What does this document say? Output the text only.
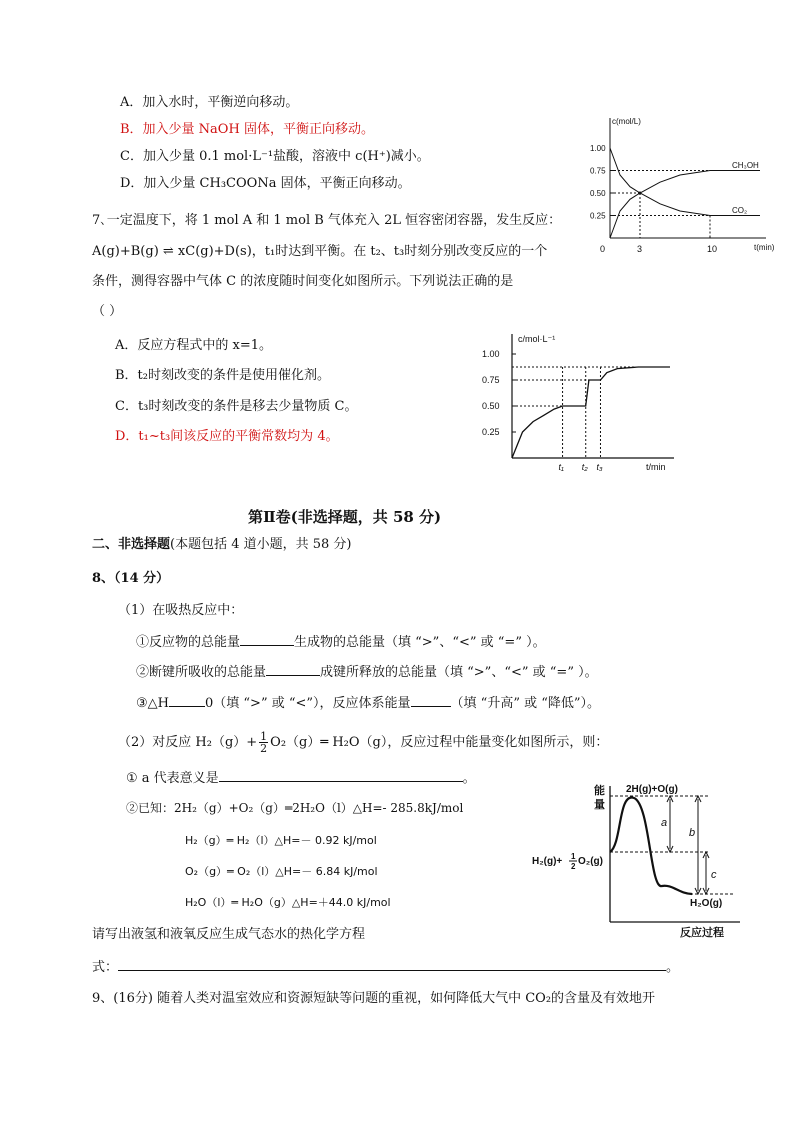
A．加入水时，平衡逆向移动。
B．加入少量 NaOH 固体，平衡正向移动。
C．加入少量 0.1 mol·L⁻¹盐酸，溶液中 c(H⁺)减小。
D．加入少量 CH₃COONa 固体，平衡正向移动。
c(mol/L)
t(min)
1.00
0.75
0.50
0.25
0	3	10
CH₃OH
CO₂
7､一定温度下，将 1 mol A 和 1 mol B 气体充入 2L 恒容密闭容器，发生反应：
A(g)+B(g) ⇌ xC(g)+D(s)，t₁时达到平衡。在 t₂、t₃时刻分别改变反应的一个
条件，测得容器中气体 C 的浓度随时间变化如图所示。下列说法正确的是
（ ）
A．反应方程式中的 x=1。
B．t₂时刻改变的条件是使用催化剂。
C．t₃时刻改变的条件是移去少量物质 C。
D．t₁~t₃间该反应的平衡常数均为 4。
c/mol·L⁻¹
t/min
1.00
0.75
0.50
0.25
t₁ t₂ t₃
第Ⅱ卷(非选择题，共 58 分)
二、非选择题(本题包括 4 道小题，共 58 分)
8、（14 分）
（1）在吸热反应中：
①反应物的总能量	生成物的总能量（填 “>”、“<” 或 “=” ）。
②断键所吸收的总能量	成键所释放的总能量（填 “>”、“<” 或 “=” ）。
③△H	0（填 “>” 或 “<”），反应体系能量	（填 “升高” 或 “降低”）。
（2）对反应 $H_2(g)+ \frac{1}{2}$ O₂（g）═ H₂O（g），反应过程中能量变化如图所示，则：
① a 代表意义是	。
②已知：2H₂（g）+O₂（g）═2H₂O（l）△H=- 285.8kJ/mol
H₂（g）═ H₂（l）△H=－ 0.92 kJ/mol
O₂（g）═ O₂（l）△H=－ 6.84 kJ/mol
H₂O（l）═ H₂O（g）△H=＋44.0 kJ/mol
请写出液氢和液氧反应生成气态水的热化学方程
式：	。
能
量
反应过程
2H(g)+O(g)
H₂O(g)
H₂(g)+ 1
2 O₂(g)
a
b
c
9、(16分) 随着人类对温室效应和资源短缺等问题的重视，如何降低大气中 CO₂的含量及有效地开
